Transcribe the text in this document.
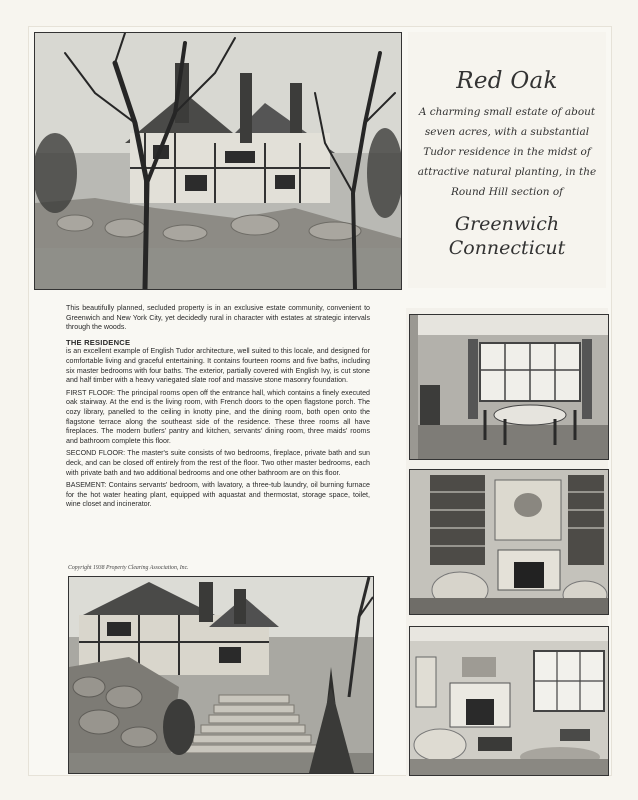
Red Oak
A charming small estate of about seven acres, with a substantial Tudor residence in the midst of attractive natural planting, in the Round Hill section of
Greenwich
Connecticut

This beautifully planned, secluded property is in an exclusive estate community, convenient to Greenwich and New York City, yet decidedly rural in character with estates at strategic intervals through the woods.

THE RESIDENCE

is an excellent example of English Tudor architecture, well suited to this locale, and designed for comfortable living and graceful entertaining. It contains fourteen rooms and five baths, including six master bedrooms with four baths. The exterior, partially covered with English Ivy, is cut stone and half timber with a heavy variegated slate roof and massive stone masonry foundation.

FIRST FLOOR: The principal rooms open off the entrance hall, which contains a finely executed oak stairway. At the end is the living room, with French doors to the open flagstone porch. The cozy library, panelled to the ceiling in knotty pine, and the dining room, both open onto the flagstone terrace along the southeast side of the residence. These three rooms all have fireplaces. The modern butlers' pantry and kitchen, servants' dining room, three maids' rooms and bathroom complete this floor.

SECOND FLOOR: The master's suite consists of two bedrooms, fireplace, private bath and sun deck, and can be closed off entirely from the rest of the floor. Two other master bedrooms, each with private bath and two additional bedrooms and one other bathroom are on this floor.

BASEMENT: Contains servants' bedroom, with lavatory, a three-tub laundry, oil burning furnace for the hot water heating plant, equipped with aquastat and thermostat, storage space, toilet, wine closet and incinerator.

Copyright 1938 Property Clearing Association, Inc.
